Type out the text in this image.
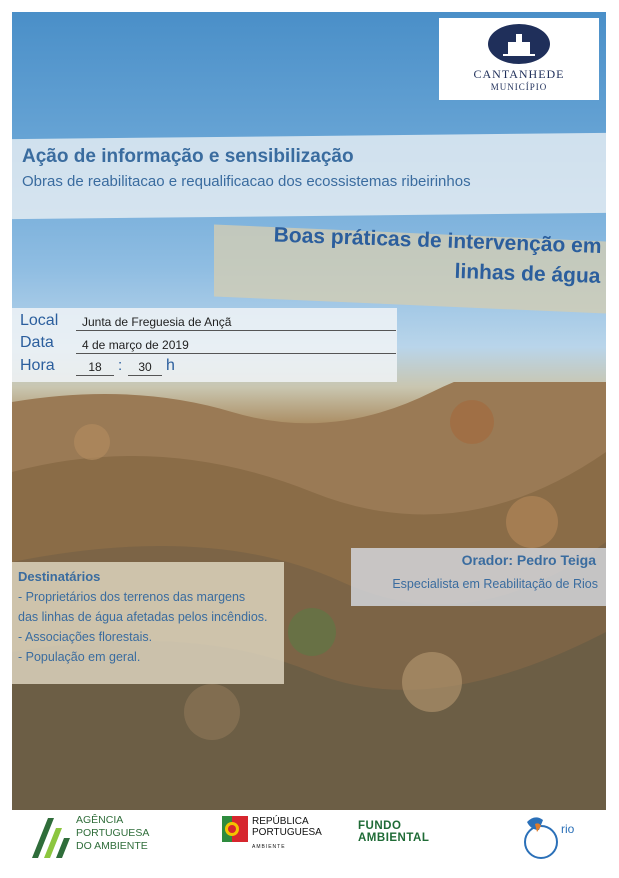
CANTANHEDE
MUNICÍPIO
Ação de informação e sensibilização
Obras de reabilitacao e requalificacao dos ecossistemas ribeirinhos
Boas práticas de intervenção em
linhas de água
Local	Junta de Freguesia de Ançã
Data	4 de março de 2019
Hora	18	:	30 h
Orador: Pedro Teiga
Especialista em Reabilitação de Rios
Destinatários
- Proprietários dos terrenos das margens
das linhas de água afetadas pelos incêndios.
- Associações florestais.
- População em geral.
AGÊNCIA
PORTUGUESA
DO AMBIENTE
REPÚBLICA
PORTUGUESA
AMBIENTE
FUNDO
AMBIENTAL
rio
